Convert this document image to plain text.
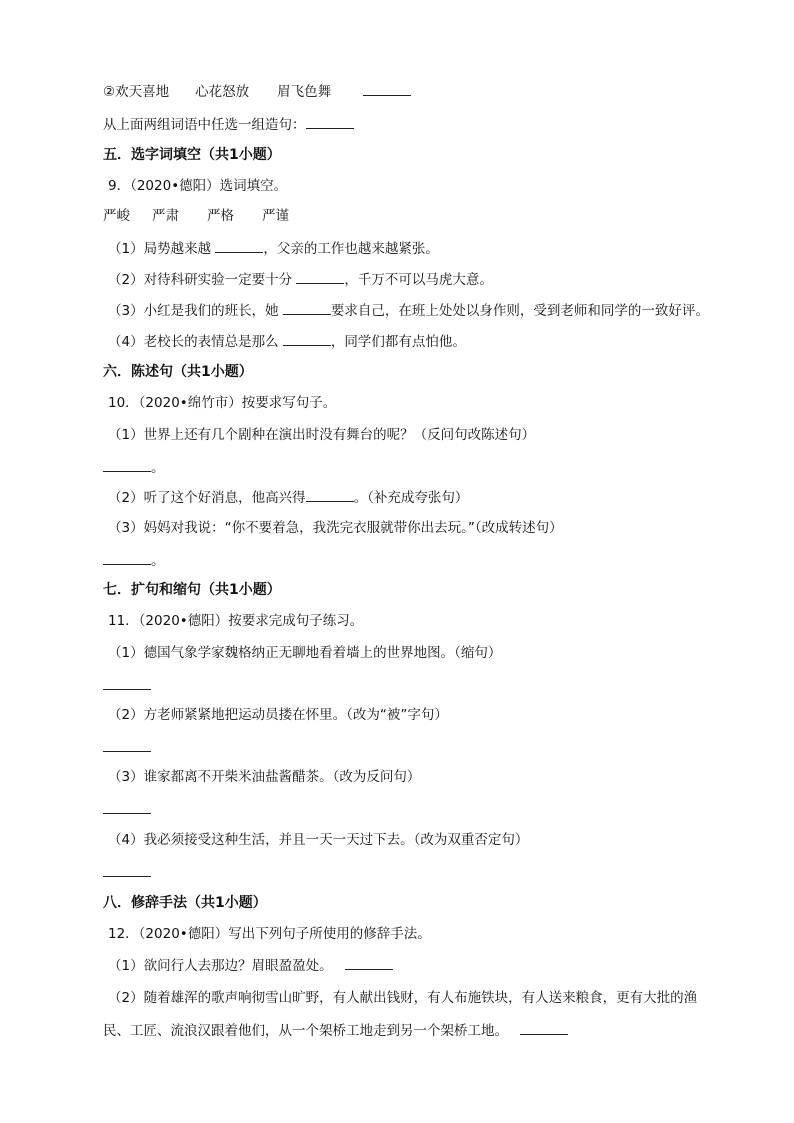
②欢天喜地 心花怒放 眉飞色舞
从上面两组词语中任选一组造句：
五．选字词填空（共1小题）
9．（2020•德阳）选词填空。
严峻 严肃 严格 严谨
（1）局势越来越	，父亲的工作也越来越紧张。
（2）对待科研实验一定要十分	，千万不可以马虎大意。
（3）小红是我们的班长，她	要求自己，在班上处处以身作则，受到老师和同学的一致好评。
（4）老校长的表情总是那么	，同学们都有点怕他。
六．陈述句（共1小题）
10．（2020•绵竹市）按要求写句子。
（1）世界上还有几个剧种在演出时没有舞台的呢？（反问句改陈述句）
。
（2）听了这个好消息，他高兴得	。（补充成夸张句）
（3）妈妈对我说：“你不要着急，我洗完衣服就带你出去玩。”（改成转述句）
。
七．扩句和缩句（共1小题）
11．（2020•德阳）按要求完成句子练习。
（1）德国气象学家魏格纳正无聊地看着墙上的世界地图。（缩句）
（2）方老师紧紧地把运动员搂在怀里。（改为“被”字句）
（3）谁家都离不开柴米油盐酱醋茶。（改为反问句）
（4）我必须接受这种生活，并且一天一天过下去。（改为双重否定句）
八．修辞手法（共1小题）
12．（2020•德阳）写出下列句子所使用的修辞手法。
（1）欲问行人去那边？眉眼盈盈处。
（2）随着雄浑的歌声响彻雪山旷野，有人献出钱财，有人布施铁块，有人送来粮食，更有大批的渔
民、工匠、流浪汉跟着他们，从一个架桥工地走到另一个架桥工地。
